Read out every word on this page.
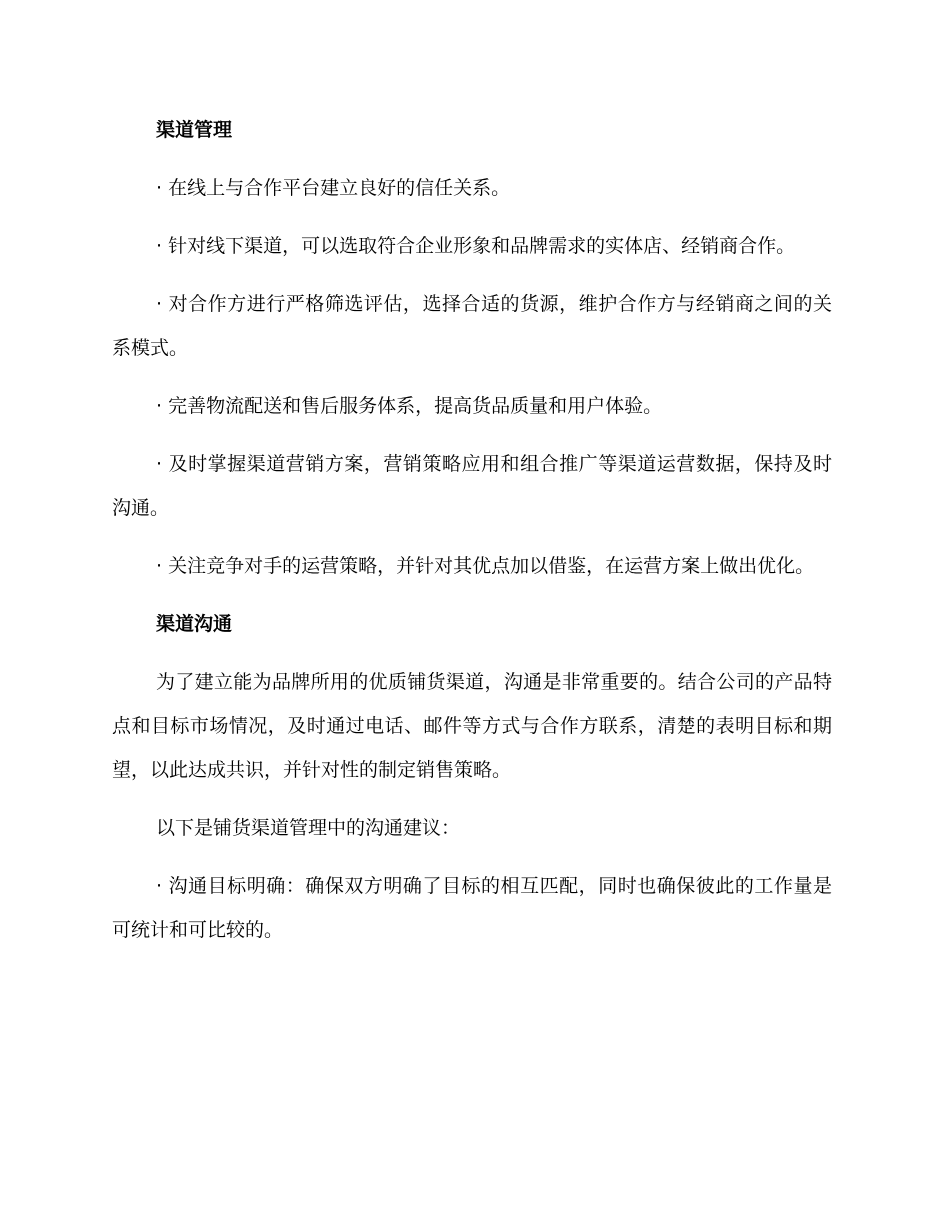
渠道管理

· 在线上与合作平台建立良好的信任关系。

· 针对线下渠道，可以选取符合企业形象和品牌需求的实体店、经销商合作。

· 对合作方进行严格筛选评估，选择合适的货源，维护合作方与经销商之间的关系模式。

· 完善物流配送和售后服务体系，提高货品质量和用户体验。

· 及时掌握渠道营销方案，营销策略应用和组合推广等渠道运营数据，保持及时沟通。

· 关注竞争对手的运营策略，并针对其优点加以借鉴，在运营方案上做出优化。

渠道沟通

为了建立能为品牌所用的优质铺货渠道，沟通是非常重要的。结合公司的产品特点和目标市场情况，及时通过电话、邮件等方式与合作方联系，清楚的表明目标和期望，以此达成共识，并针对性的制定销售策略。

以下是铺货渠道管理中的沟通建议：

· 沟通目标明确：确保双方明确了目标的相互匹配，同时也确保彼此的工作量是可统计和可比较的。
